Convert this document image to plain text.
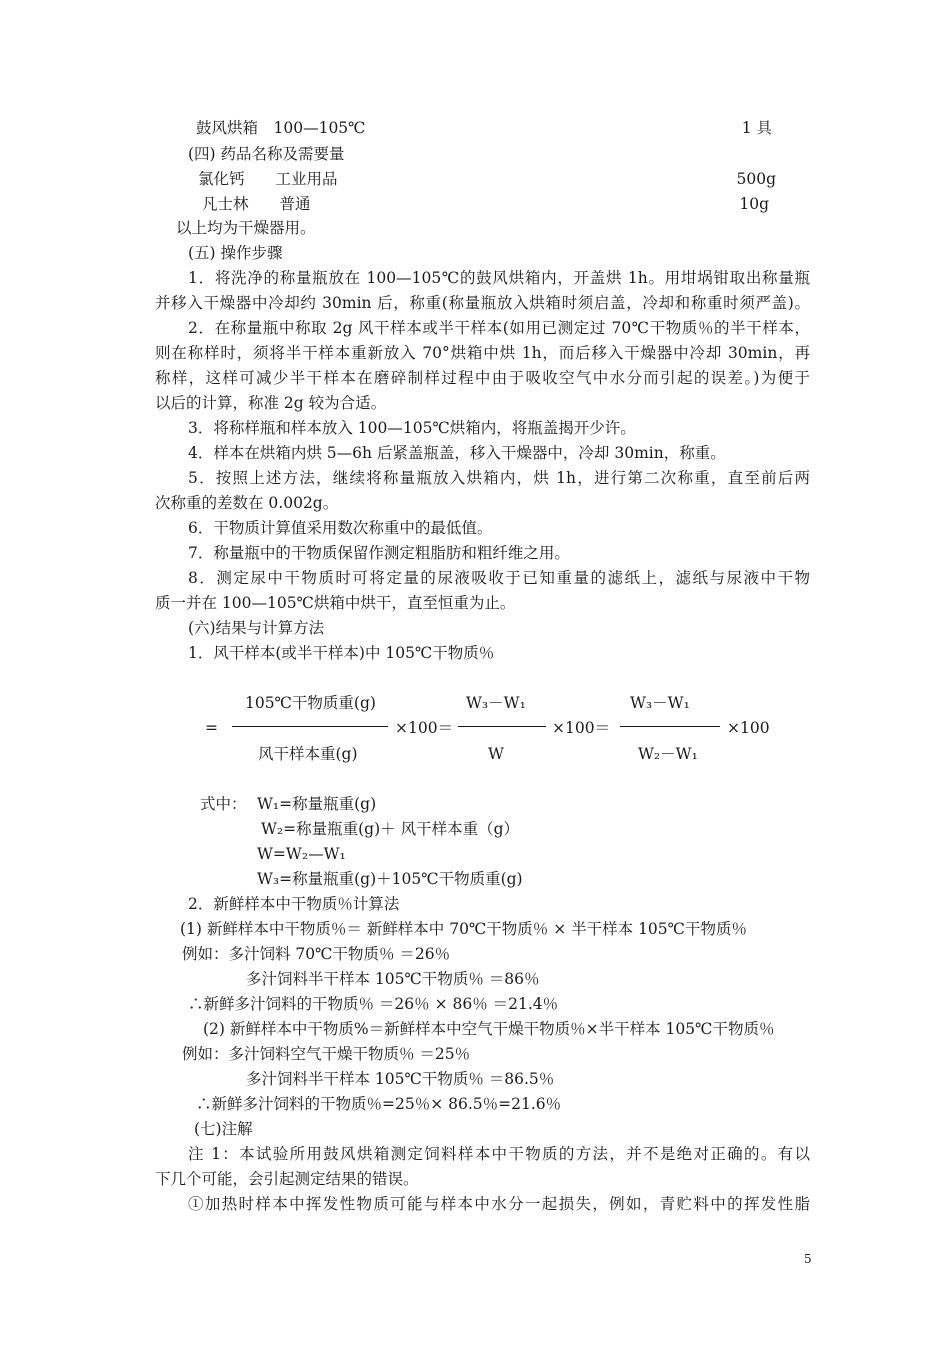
鼓风烘箱　100—105℃	1 具
(四) 药品名称及需要量
氯化钙　　工业用品	500g
凡士林　　普通	10g
以上均为干燥器用。
(五) 操作步骤
1．将洗净的称量瓶放在 100—105℃的鼓风烘箱内，开盖烘 1h。用坩埚钳取出称量瓶
并移入干燥器中冷却约 30min 后，称重(称量瓶放入烘箱时须启盖，冷却和称重时须严盖)。
2．在称量瓶中称取 2g 风干样本或半干样本(如用已测定过 70℃干物质％的半干样本，
则在称样时，须将半干样本重新放入 70°烘箱中烘 1h，而后移入干燥器中冷却 30min，再
称样，这样可减少半干样本在磨碎制样过程中由于吸收空气中水分而引起的误差。)为便于
以后的计算，称准 2g 较为合适。
3．将称样瓶和样本放入 100—105℃烘箱内，将瓶盖揭开少许。
4．样本在烘箱内烘 5—6h 后紧盖瓶盖，移入干燥器中，冷却 30min，称重。
5．按照上述方法，继续将称量瓶放入烘箱内，烘 1h，进行第二次称重，直至前后两
次称重的差数在 0.002g。
6．干物质计算值采用数次称重中的最低值。
7．称量瓶中的干物质保留作测定粗脂肪和粗纤维之用。
8．测定尿中干物质时可将定量的尿液吸收于已知重量的滤纸上，滤纸与尿液中干物
质一并在 100—105℃烘箱中烘干，直至恒重为止。
(六)结果与计算方法
1．风干样本(或半干样本)中 105℃干物质％
=
105℃干物质重(g)
风干样本重(g)
×100＝
W₃－W₁
W
×100＝
W₃－W₁
W₂－W₁
×100
式中： W₁=称量瓶重(g)
W₂=称量瓶重(g)＋ 风干样本重（g）
W=W₂—W₁
W₃=称量瓶重(g)＋105℃干物质重(g)
2．新鲜样本中干物质％计算法
(1) 新鲜样本中干物质％＝ 新鲜样本中 70℃干物质％ × 半干样本 105℃干物质％
例如：多汁饲料 70℃干物质％ ＝26％
多汁饲料半干样本 105℃干物质％ ＝86％
∴新鲜多汁饲料的干物质％ ＝26％ × 86％ ＝21.4％
(2) 新鲜样本中干物质%＝新鲜样本中空气干燥干物质％×半干样本 105℃干物质％
例如：多汁饲料空气干燥干物质％ ＝25％
多汁饲料半干样本 105℃干物质％ ＝86.5％
∴新鲜多汁饲料的干物质％=25％× 86.5％=21.6％
(七)注解
注 1：本试验所用鼓风烘箱测定饲料样本中干物质的方法，并不是绝对正确的。有以
下几个可能，会引起测定结果的错误。
①加热时样本中挥发性物质可能与样本中水分一起损失，例如，青贮料中的挥发性脂
5
